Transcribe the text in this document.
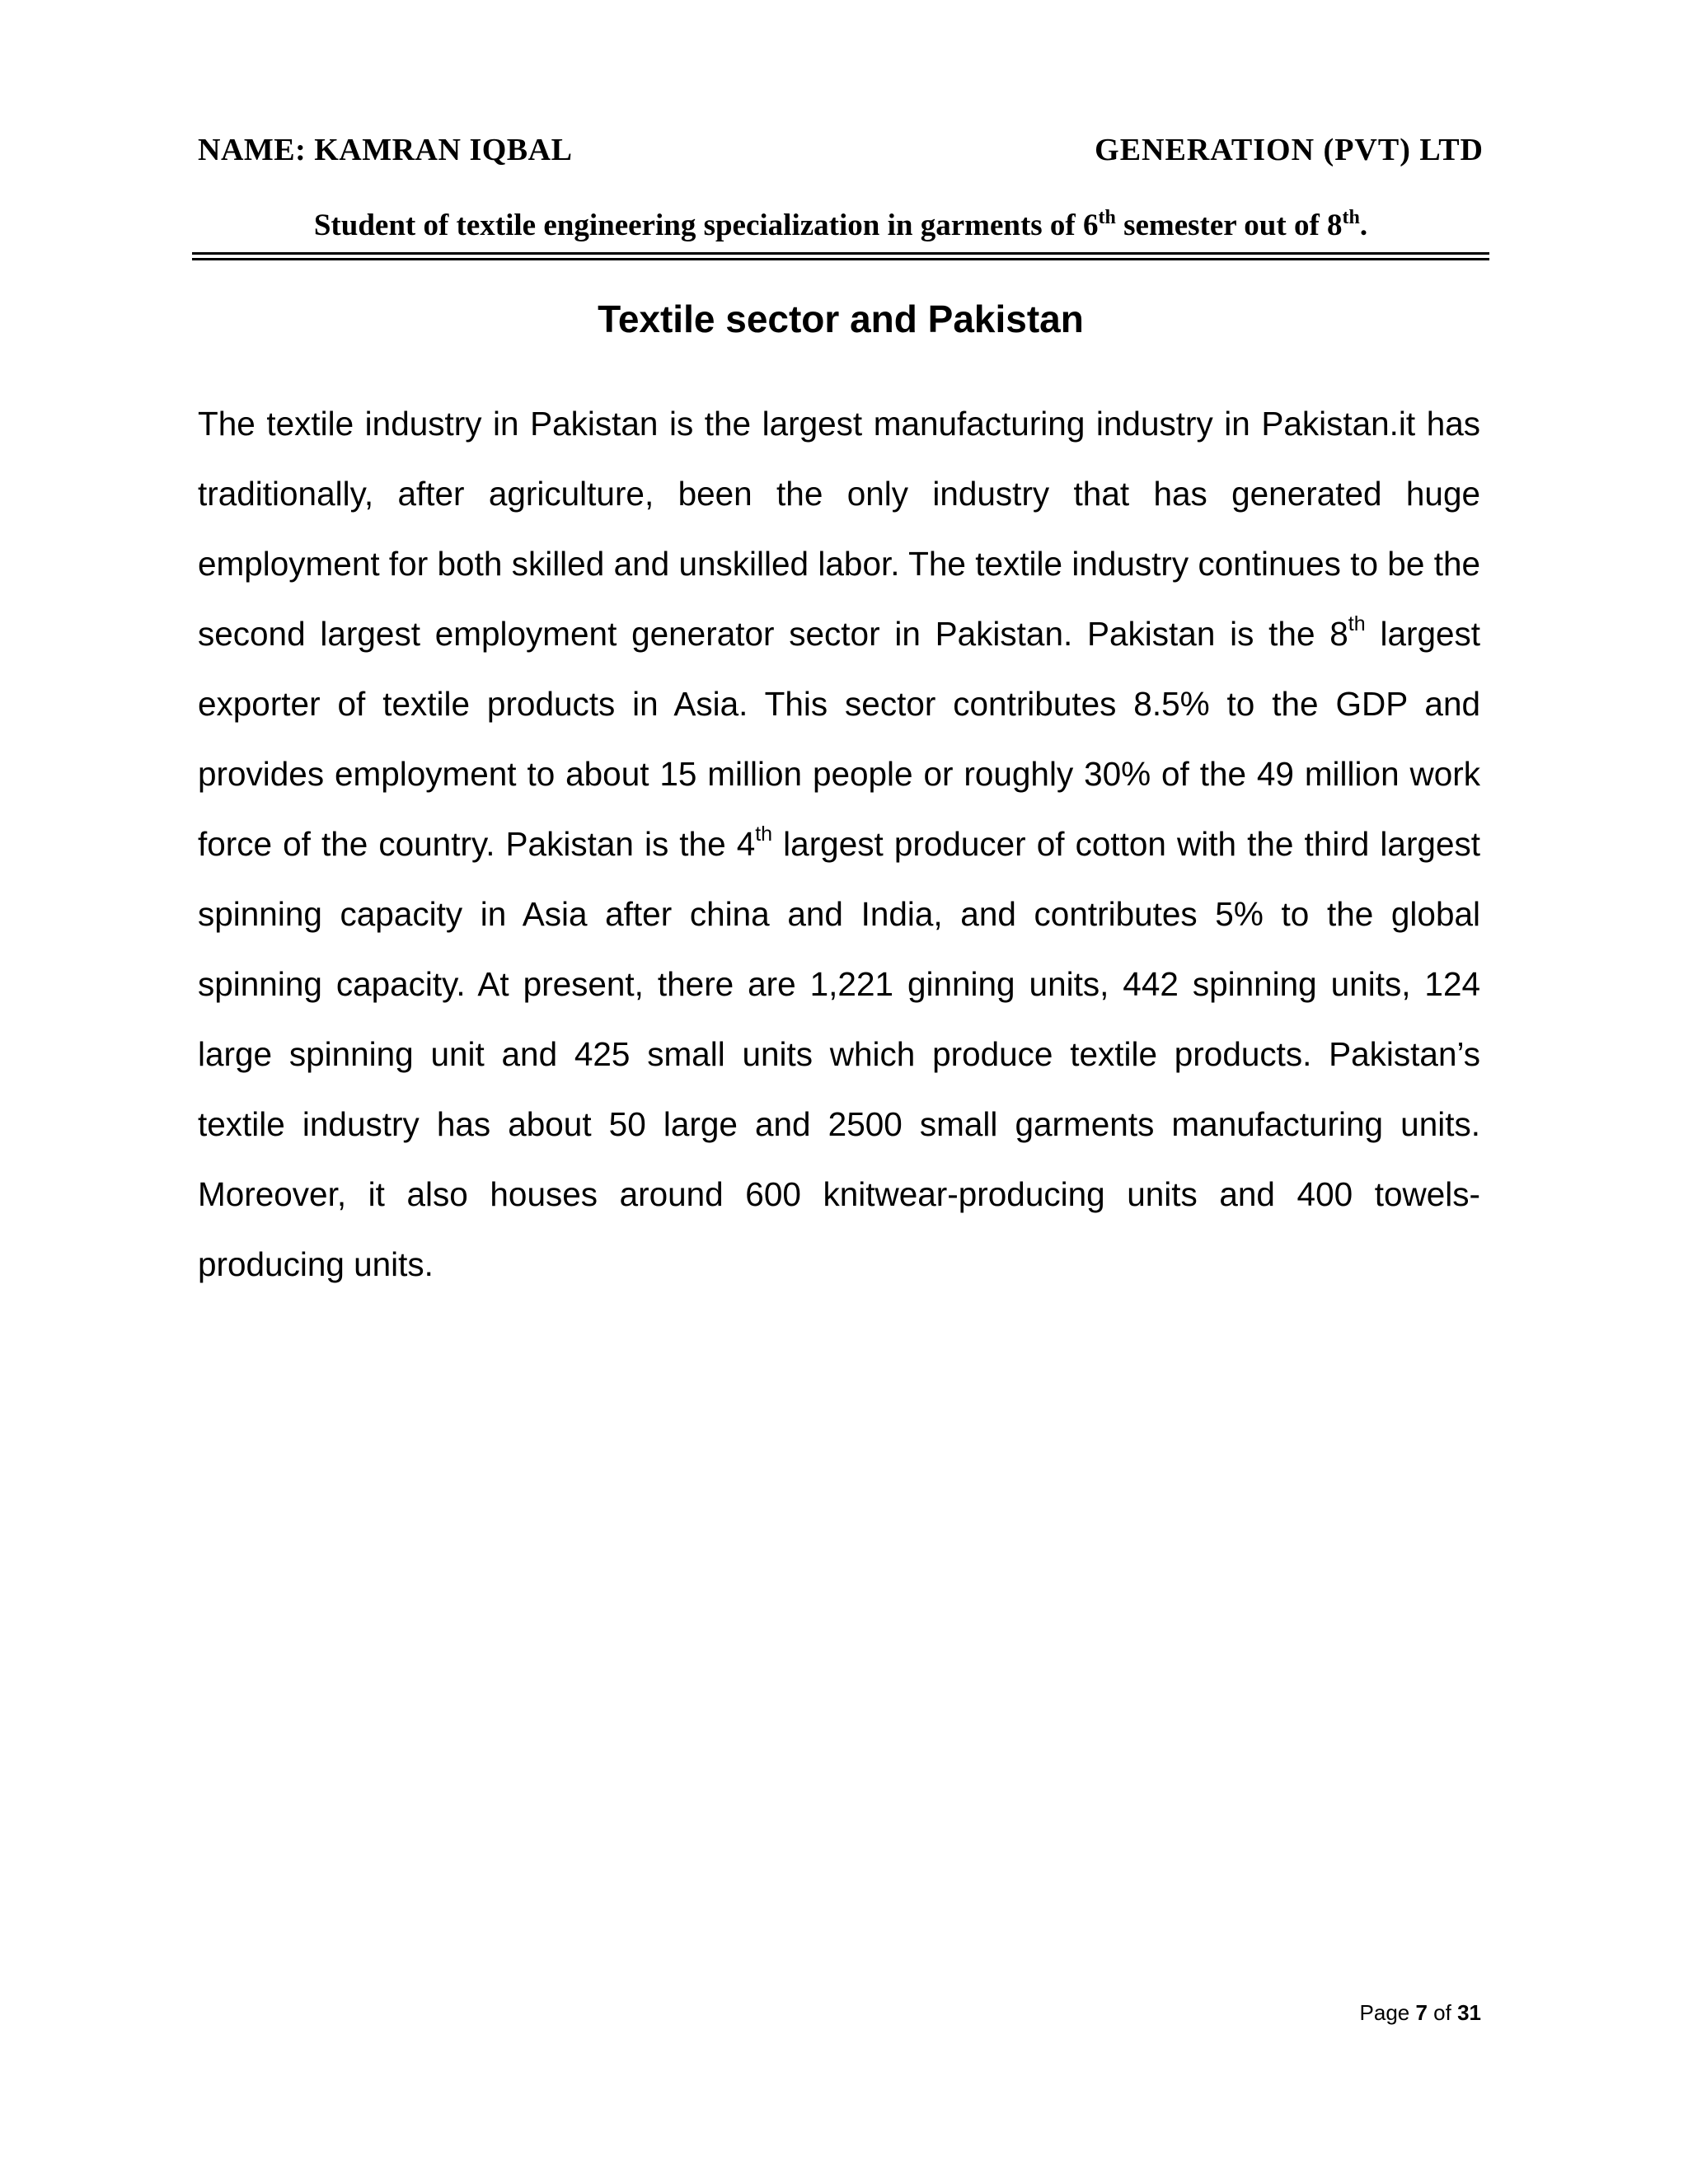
NAME: KAMRAN IQBAL	GENERATION (PVT) LTD
Student of textile engineering specialization in garments of 6th semester out of 8th.
Textile sector and Pakistan
The textile industry in Pakistan is the largest manufacturing industry in Pakistan.it has traditionally, after agriculture, been the only industry that has generated huge employment for both skilled and unskilled labor. The textile industry continues to be the second largest employment generator sector in Pakistan. Pakistan is the 8th largest exporter of textile products in Asia. This sector contributes 8.5% to the GDP and provides employment to about 15 million people or roughly 30% of the 49 million work force of the country. Pakistan is the 4th largest producer of cotton with the third largest spinning capacity in Asia after china and India, and contributes 5% to the global spinning capacity. At present, there are 1,221 ginning units, 442 spinning units, 124 large spinning unit and 425 small units which produce textile products. Pakistan’s textile industry has about 50 large and 2500 small garments manufacturing units. Moreover, it also houses around 600 knitwear-producing units and 400 towels-producing units.
Page 7 of 31
